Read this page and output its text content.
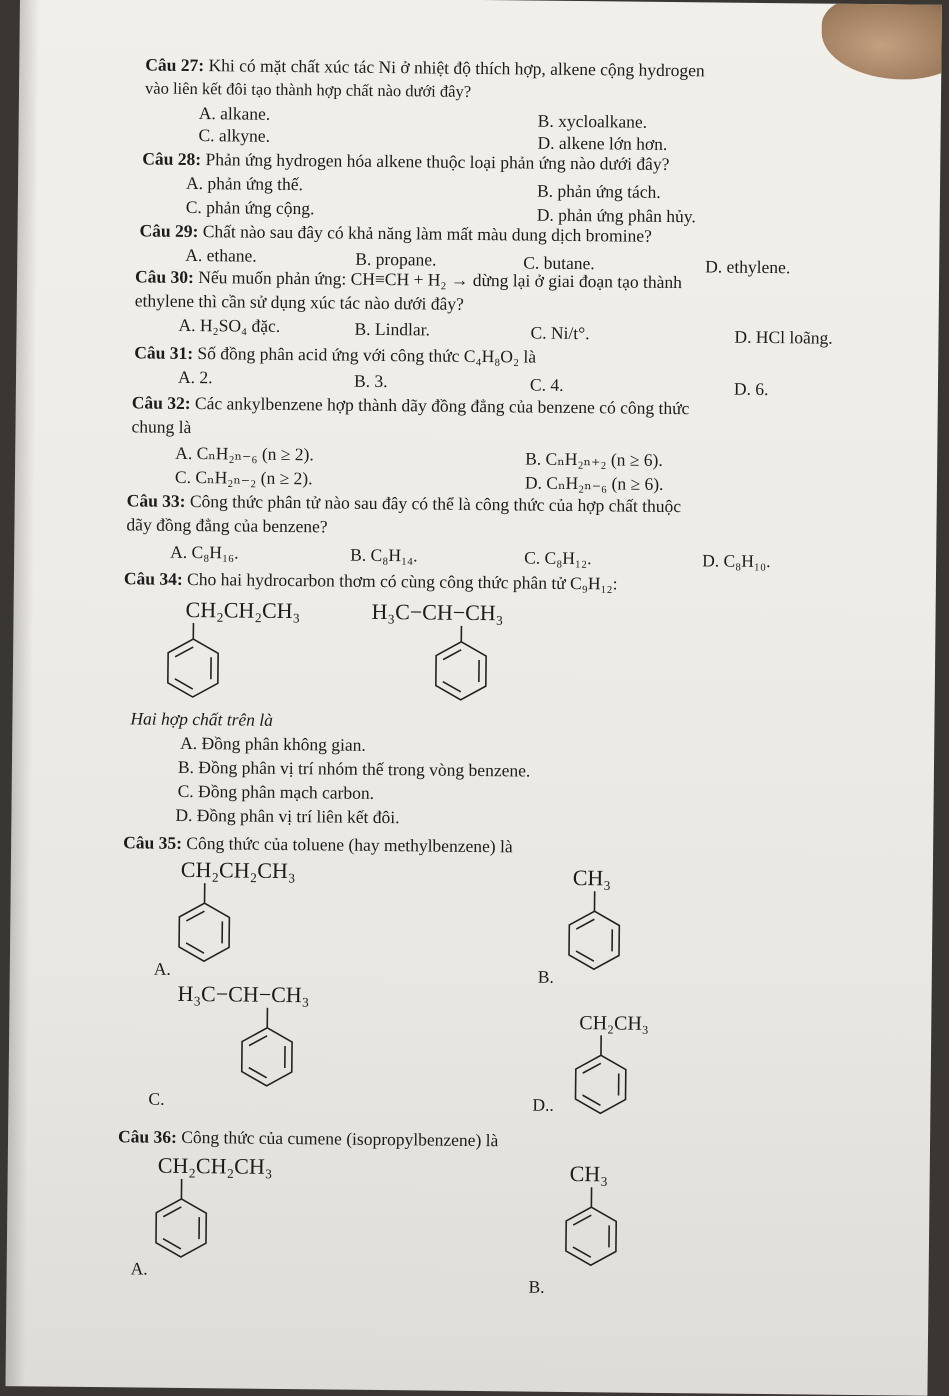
Câu 27: Khi có mặt chất xúc tác Ni ở nhiệt độ thích hợp, alkene cộng hydrogen
vào liên kết đôi tạo thành hợp chất nào dưới đây?
A. alkane.	B. xycloalkane.
C. alkyne.	D. alkene lớn hơn.
Câu 28: Phản ứng hydrogen hóa alkene thuộc loại phản ứng nào dưới đây?
A. phản ứng thế.	B. phản ứng tách.
C. phản ứng cộng.	D. phản ứng phân hủy.
Câu 29: Chất nào sau đây có khả năng làm mất màu dung dịch bromine?
A. ethane.	B. propane.	C. butane.	D. ethylene.
Câu 30: Nếu muốn phản ứng: CH≡CH + H₂ → dừng lại ở giai đoạn tạo thành
ethylene thì cần sử dụng xúc tác nào dưới đây?
A. H₂SO₄ đặc.	B. Lindlar.	C. Ni/t°.	D. HCl loãng.
Câu 31: Số đồng phân acid ứng với công thức C₄H₈O₂ là
A. 2.	B. 3.	C. 4.	D. 6.
Câu 32: Các ankylbenzene hợp thành dãy đồng đẳng của benzene có công thức
chung là
A. CₙH₂ₙ₋₆ (n ≥ 2).	B. CₙH₂ₙ₊₂ (n ≥ 6).
C. CₙH₂ₙ₋₂ (n ≥ 2).	D. CₙH₂ₙ₋₆ (n ≥ 6).
Câu 33: Công thức phân tử nào sau đây có thể là công thức của hợp chất thuộc
dãy đồng đẳng của benzene?
A. C₈H₁₆.	B. C₈H₁₄.	C. C₈H₁₂.	D. C₈H₁₀.
Câu 34: Cho hai hydrocarbon thơm có cùng công thức phân tử C₉H₁₂:
CH₂CH₂CH₃	H₃C−CH−CH₃
Hai hợp chất trên là
A. Đồng phân không gian.
B. Đồng phân vị trí nhóm thế trong vòng benzene.
C. Đồng phân mạch carbon.
D. Đồng phân vị trí liên kết đôi.
Câu 35: Công thức của toluene (hay methylbenzene) là
CH₂CH₂CH₃
A.
CH₃
B.
H₃C−CH−CH₃
C.
CH₂CH₃
D..
Câu 36: Công thức của cumene (isopropylbenzene) là
CH₂CH₂CH₃
A.
CH₃
B.
